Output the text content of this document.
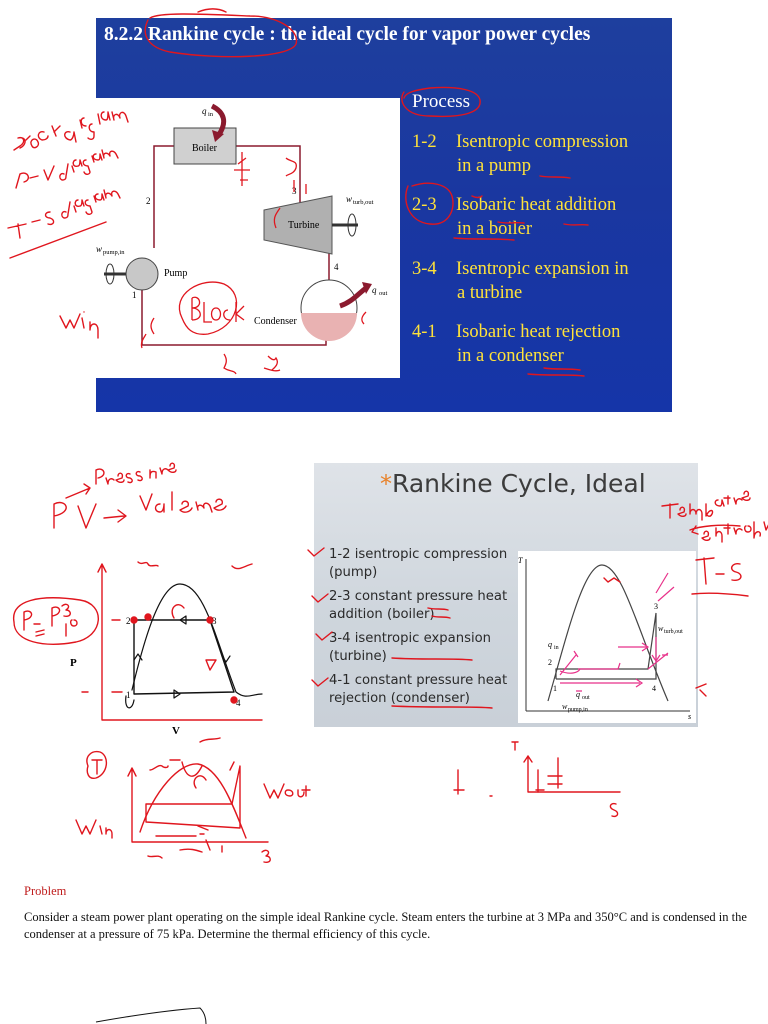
8.2.2 Rankine cycle : the ideal cycle for vapor power cycles
Boiler
q in
Turbine
w turb,out
Pump
w pump,in
Condenser
q out
1
2
3
4
Process
1-2 Isentropic compression
in a pump
2-3 Isobaric heat addition
in a boiler
3-4 Isentropic expansion in
a turbine
4-1 Isobaric heat rejection
in a condenser
*Rankine Cycle, Ideal
1-2 isentropic compression
(pump)
2-3 constant pressure heat
addition (boiler)
3-4 isentropic expansion
(turbine)
4-1 constant pressure heat
rejection (condenser)
T
s
2
1
3
4
q in
q out
w turb,out
w pump,in
P
V
1
2	3
4
Problem
Consider a steam power plant operating on the simple ideal Rankine cycle. Steam enters the turbine at 3 MPa and 350°C and is condensed in the condenser at a pressure of 75 kPa. Determine the thermal efficiency of this cycle.
